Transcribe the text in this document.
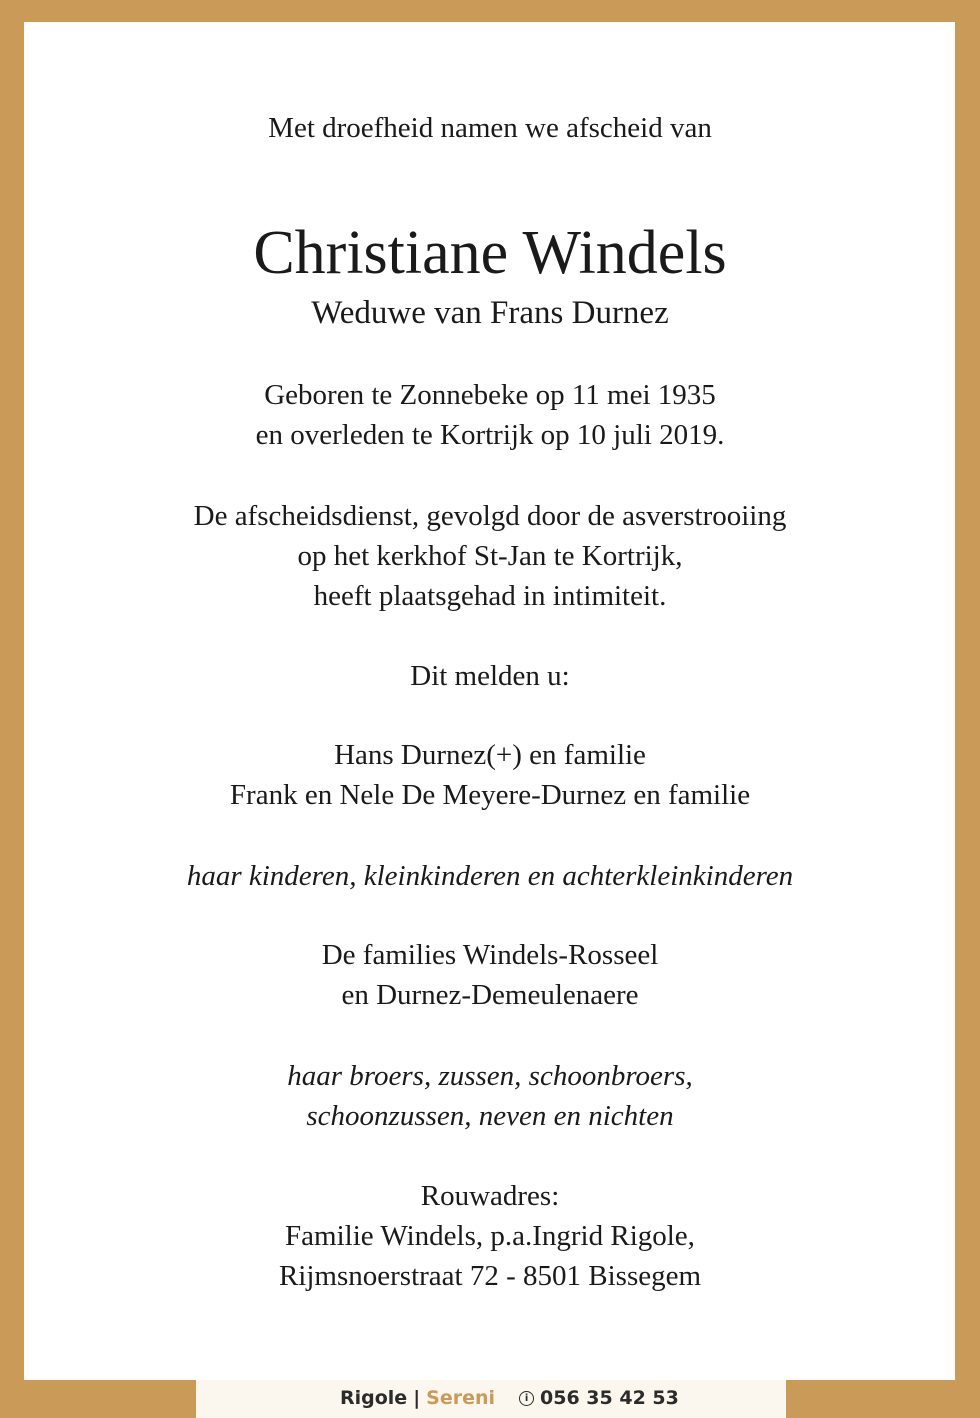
Met droefheid namen we afscheid van
Christiane Windels
Weduwe van Frans Durnez
Geboren te Zonnebeke op 11 mei 1935
en overleden te Kortrijk op 10 juli 2019.
De afscheidsdienst, gevolgd door de asverstrooiing
op het kerkhof St-Jan te Kortrijk,
heeft plaatsgehad in intimiteit.
Dit melden u:
Hans Durnez(+) en familie
Frank en Nele De Meyere-Durnez en familie
haar kinderen, kleinkinderen en achterkleinkinderen
De families Windels-Rosseel
en Durnez-Demeulenaere
haar broers, zussen, schoonbroers,
schoonzussen, neven en nichten
Rouwadres:
Familie Windels, p.a.Ingrid Rigole,
Rijmsnoerstraat 72 - 8501 Bissegem
Rigole | Sereni	i 056 35 42 53
